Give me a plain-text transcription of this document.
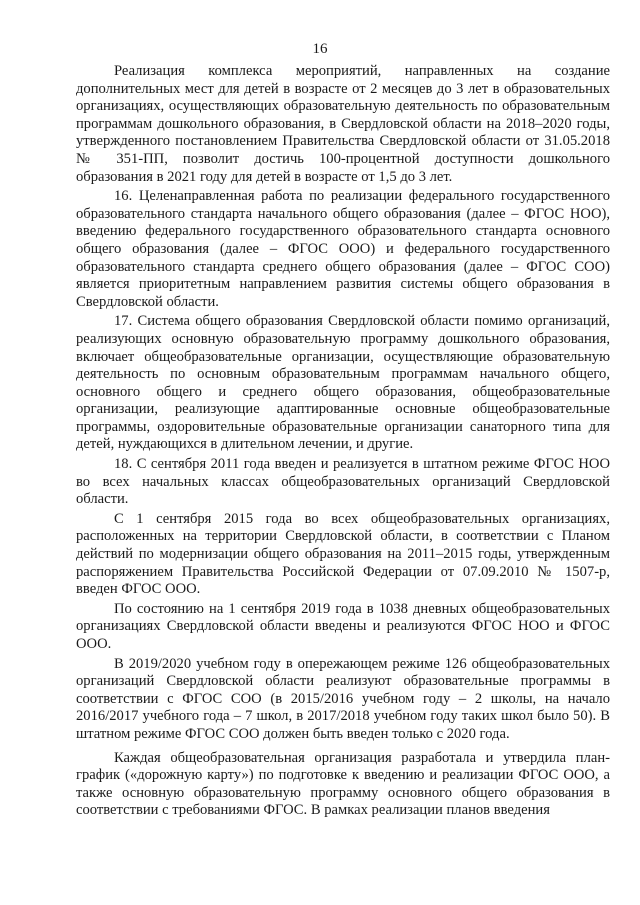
16

Реализация комплекса мероприятий, направленных на создание дополнительных мест для детей в возрасте от 2 месяцев до 3 лет в образовательных организациях, осуществляющих образовательную деятельность по образовательным программам дошкольного образования, в Свердловской области на 2018–2020 годы, утвержденного постановлением Правительства Свердловской области от 31.05.2018 № 351-ПП, позволит достичь 100-процентной доступности дошкольного образования в 2021 году для детей в возрасте от 1,5 до 3 лет.

16. Целенаправленная работа по реализации федерального государственного образовательного стандарта начального общего образования (далее – ФГОС НОО), введению федерального государственного образовательного стандарта основного общего образования (далее – ФГОС ООО) и федерального государственного образовательного стандарта среднего общего образования (далее – ФГОС СОО) является приоритетным направлением развития системы общего образования в Свердловской области.

17. Система общего образования Свердловской области помимо организаций, реализующих основную образовательную программу дошкольного образования, включает общеобразовательные организации, осуществляющие образовательную деятельность по основным образовательным программам начального общего, основного общего и среднего общего образования, общеобразовательные организации, реализующие адаптированные основные общеобразовательные программы, оздоровительные образовательные организации санаторного типа для детей, нуждающихся в длительном лечении, и другие.

18. С сентября 2011 года введен и реализуется в штатном режиме ФГОС НОО во всех начальных классах общеобразовательных организаций Свердловской области.

С 1 сентября 2015 года во всех общеобразовательных организациях, расположенных на территории Свердловской области, в соответствии с Планом действий по модернизации общего образования на 2011–2015 годы, утвержденным распоряжением Правительства Российской Федерации от 07.09.2010 № 1507-р, введен ФГОС ООО.

По состоянию на 1 сентября 2019 года в 1038 дневных общеобразовательных организациях Свердловской области введены и реализуются ФГОС НОО и ФГОС ООО.

В 2019/2020 учебном году в опережающем режиме 126 общеобразовательных организаций Свердловской области реализуют образовательные программы в соответствии с ФГОС СОО (в 2015/2016 учебном году – 2 школы, на начало 2016/2017 учебного года – 7 школ, в 2017/2018 учебном году таких школ было 50). В штатном режиме ФГОС СОО должен быть введен только с 2020 года.

Каждая общеобразовательная организация разработала и утвердила план-график («дорожную карту») по подготовке к введению и реализации ФГОС ООО, а также основную образовательную программу основного общего образования в соответствии с требованиями ФГОС. В рамках реализации планов введения
